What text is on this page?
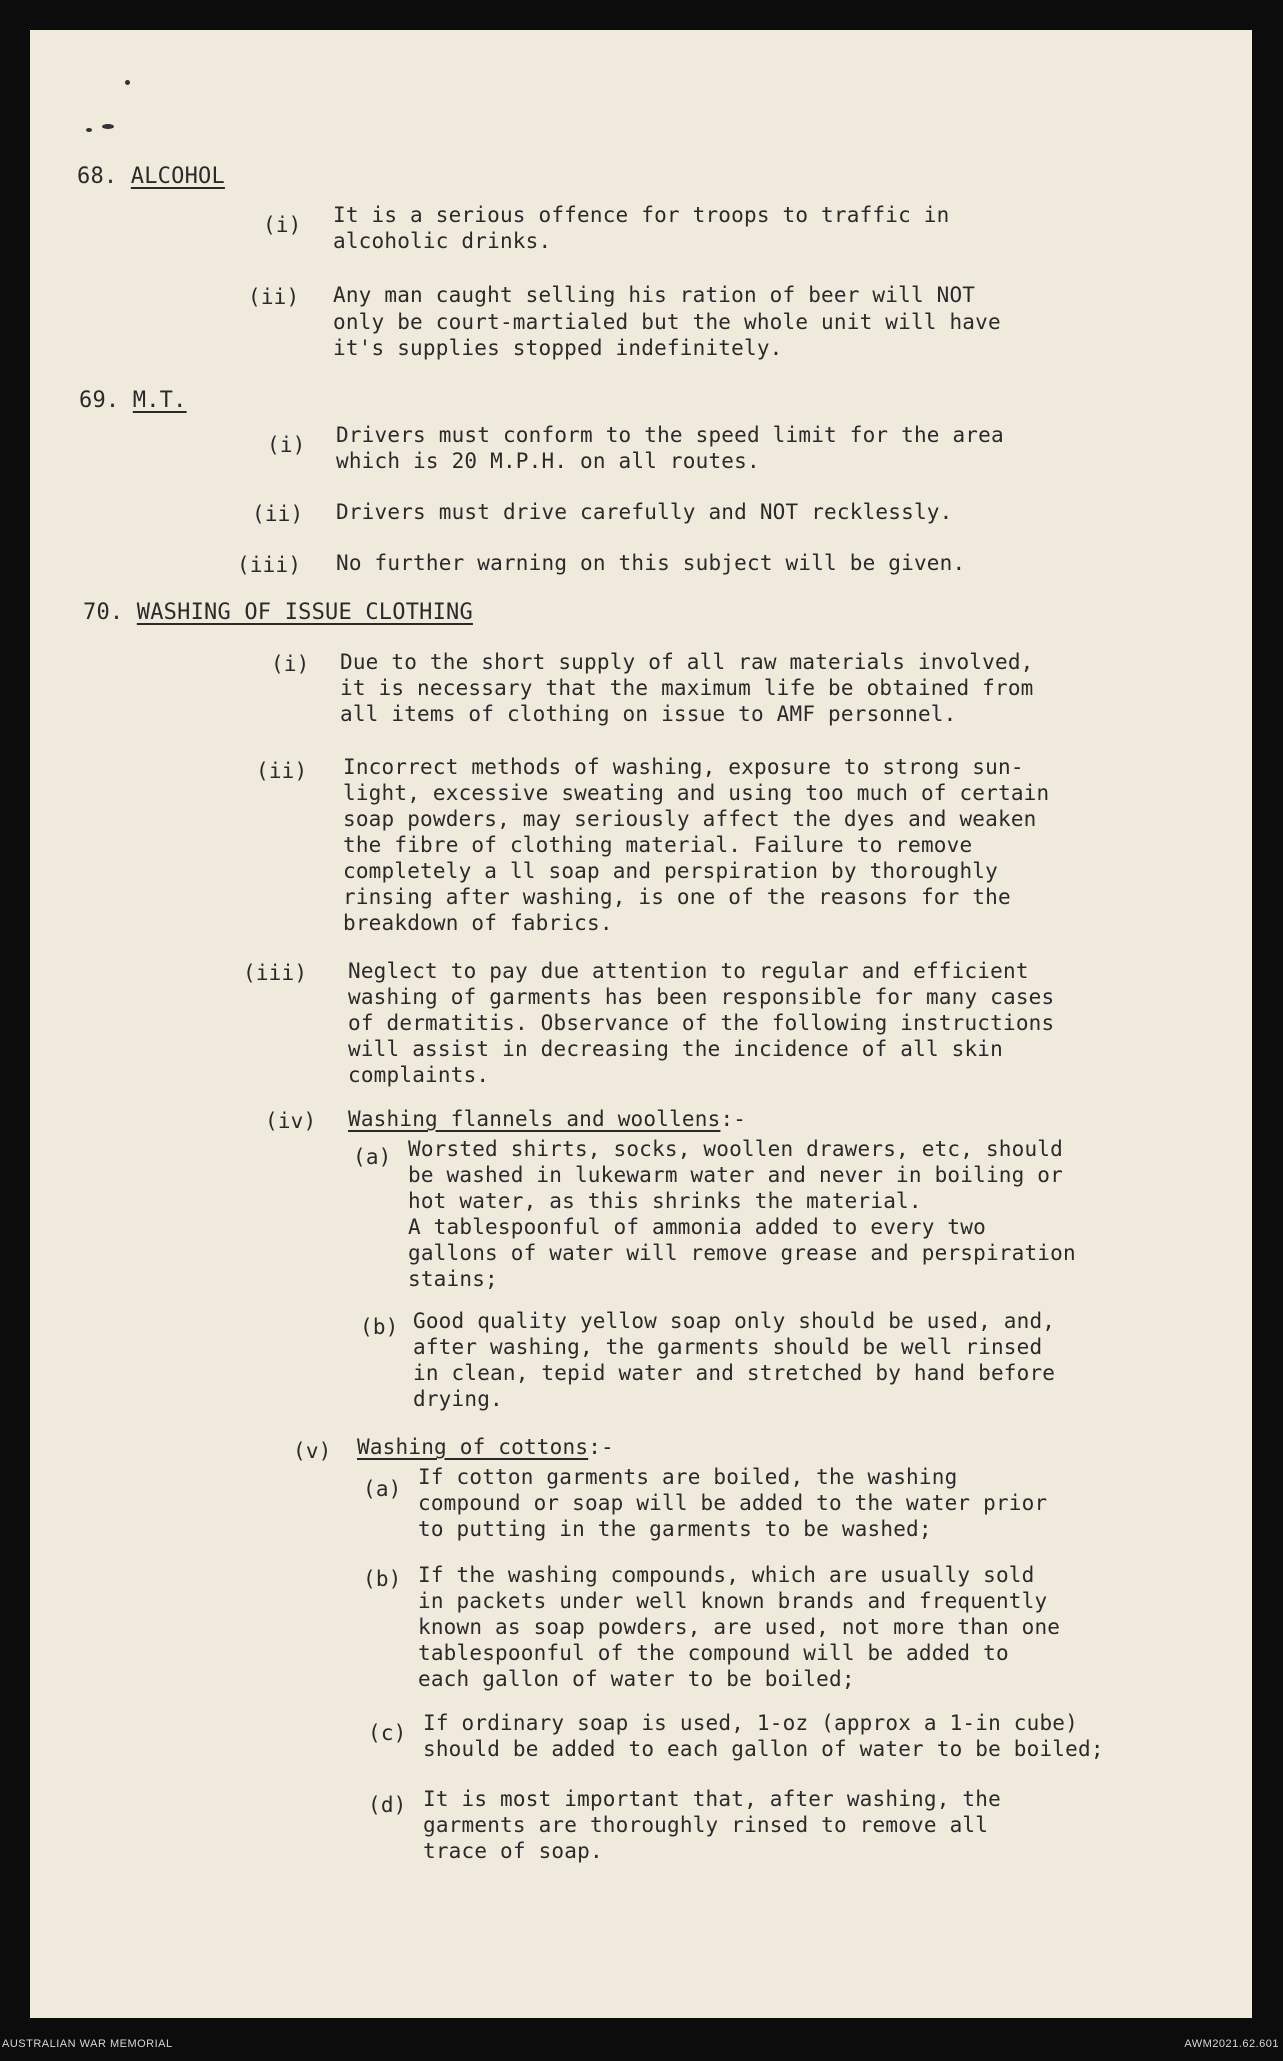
68. ALCOHOL
(i) It is a serious offence for troops to traffic in
alcoholic drinks.
(ii) Any man caught selling his ration of beer will NOT
only be court-martialed but the whole unit will have
it's supplies stopped indefinitely.
69. M.T.
(i) Drivers must conform to the speed limit for the area
which is 20 M.P.H. on all routes.
(ii) Drivers must drive carefully and NOT recklessly.
(iii) No further warning on this subject will be given.
70. WASHING OF ISSUE CLOTHING
(i) Due to the short supply of all raw materials involved,
it is necessary that the maximum life be obtained from
all items of clothing on issue to AMF personnel.
(ii) Incorrect methods of washing, exposure to strong sun-
light, excessive sweating and using too much of certain
soap powders, may seriously affect the dyes and weaken
the fibre of clothing material. Failure to remove
completely a ll soap and perspiration by thoroughly
rinsing after washing, is one of the reasons for the
breakdown of fabrics.
(iii) Neglect to pay due attention to regular and efficient
washing of garments has been responsible for many cases
of dermatitis. Observance of the following instructions
will assist in decreasing the incidence of all skin
complaints.
(iv) Washing flannels and woollens:-
(a) Worsted shirts, socks, woollen drawers, etc, should
be washed in lukewarm water and never in boiling or
hot water, as this shrinks the material.
A tablespoonful of ammonia added to every two
gallons of water will remove grease and perspiration
stains;
(b) Good quality yellow soap only should be used, and,
after washing, the garments should be well rinsed
in clean, tepid water and stretched by hand before
drying.
(v) Washing of cottons:-
(a) If cotton garments are boiled, the washing
compound or soap will be added to the water prior
to putting in the garments to be washed;
(b) If the washing compounds, which are usually sold
in packets under well known brands and frequently
known as soap powders, are used, not more than one
tablespoonful of the compound will be added to
each gallon of water to be boiled;
(c) If ordinary soap is used, 1-oz (approx a 1-in cube)
should be added to each gallon of water to be boiled;
(d) It is most important that, after washing, the
garments are thoroughly rinsed to remove all
trace of soap.
AUSTRALIAN WAR MEMORIAL	AWM2021.62.601
